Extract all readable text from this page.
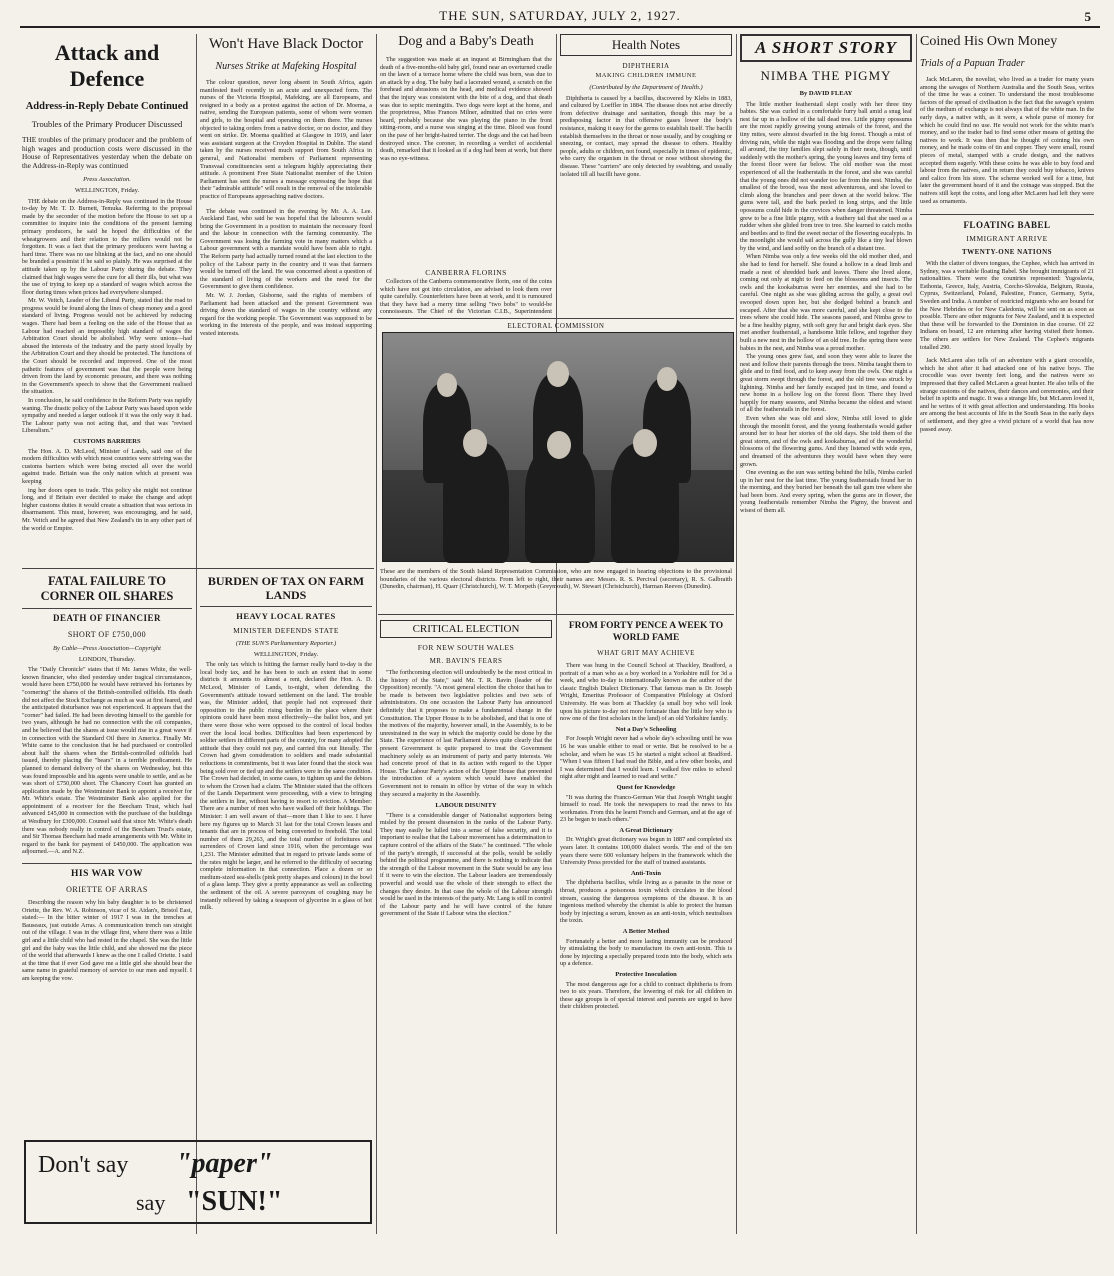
THE SUN, SATURDAY, JULY 2, 1927.	5
Attack and Defence
Address-in-Reply Debate Continued
Troubles of the Primary Producer Discussed
THE troubles of the primary producer and the problem of high wages and production costs were discussed in the House of Representatives yesterday when the debate on the Address-in-Reply was continued
Press Association.
WELLINGTON, Friday.

THE debate on the Address-in-Reply was continued in the House to-day by Mr. T. D. Burnett, Temuka. Referring to the proposal made by the seconder of the motion before the House to set up a committee to inquire into the conditions of the present farming primary producers, he said he hoped the difficulties of the wheatgrowers and their relation to the millers would not be forgotten. It was a fact that the primary producers were having a hard time. There was no use blinking at the fact, and no one should be branded a pessimist if he said so plainly. He was surprised at the attitude taken up by the Labour Party during the debate. They claimed that high wages were the cure for all their ills, but what was the use of trying to keep up a standard of wages which across the floor during times when prices had everywhere slumped.

Mr. W. Veitch, Leader of the Liberal Party, stated that the road to progress would be found along the lines of cheap money and a good standard of living. Progress would not be achieved by reducing wages. There had been a feeling on the side of the House that as Labour had reached an impossibly high standard of wages the Arbitration Court should be abolished. Why were unions—had abused the interests of the industry and the party stood loyally by the Arbitration Court and they should be protected. The functions of the Court should be recorded and improved. One of the most pathetic features of government was that the people were being driven from the land by economic pressure, and there was nothing in the Government's speech to show that the Government realised the situation.

In conclusion, he said confidence in the Reform Party was rapidly waning. The drastic policy of the Labour Party was based upon wide sympathy and needed a larger outlook if it was the only way it had. The Labour party was not acting that, and that was "revised Liberalism."

CUSTOMS BARRIERS

The Hon. A. D. McLeod, Minister of Lands, said one of the modern difficulties with which most countries were striving was the customs barriers which were being erected all over the world against trade. Britain was the only nation which at present was keeping

ing her doors open to trade. This policy she might not continue long, and if Britain ever decided to make the change and adopt higher customs duties it would create a situation that was serious in disarmament. This must, however, was encouraging, and he said, Mr. Veitch and he agreed that New Zealand's tin in any other part of the world or Empire.

FATAL FAILURE TO CORNER OIL SHARES
DEATH OF FINANCIER
SHORT OF £750,000
By Cable—Press Association—Copyright
LONDON, Thursday.

The "Daily Chronicle" states that if Mr. James White, the well-known financier, who died yesterday under tragical circumstances, would have been £750,000 he would have retrieved his fortunes by "cornering" the shares of the British-controlled oilfields. His death did not affect the Stock Exchange as much as was at first feared, and the anticipated disturbance was not experienced. It appears that the "corner" had failed. He had been devoting himself to the gamble for two years, although he had no connection with the oil companies, and he believed that the shares at issue would rise in a great wave if in connection with the Standard Oil there in America. Finally Mr. White came to the conclusion that he had purchased or controlled about half the shares when the British-controlled oilfields had issued, thereby placing the "bears" in a terrible predicament. He planned to demand delivery of the shares on Wednesday, but this was found impossible and his agents were unable to settle, and as he was short of £750,000 short. The Chancery Court has granted an application made by the Westminster Bank to appoint a receiver for Mr. White's estate. The Westminster Bank also applied for the appointment of a receiver for the Beecham Trust, which had advanced £45,000 in connection with the purchase of the buildings at Westbury for £300,000. Counsel said that since Mr. White's death there was nobody really in control of the Beecham Trust's estate, and Sir Thomas Beecham had made arrangements with Mr. White in regard to the bank for payment of £450,000. The application was adjourned.—A. and N.Z.

HIS WAR VOW
ORIETTE OF ARRAS

Describing the reason why his baby daughter is to be christened Oriette, the Rev. W. A. Robinson, vicar of St. Aidan's, Bristol East, stated:— In the bitter winter of 1917 I was in the trenches at Bauseaux, just outside Arras. A communication trench ran straight out of the village. I was in the village first, where there was a little girl and a little child who had rested in the chapel. She was the little girl and the baby was the little child, and she showed me the piece of the world that afterwards I knew as the one I called Oriette. I said at the time that if ever God gave me a little girl she should bear the same name in grateful memory of service to our men and myself. I am keeping the vow.

Don't say "paper"
say "SUN!"
Won't Have Black Doctor
Nurses Strike at Mafeking Hospital

The colour question, never long absent in South Africa, again manifested itself recently in an acute and unexpected form. The nurses of the Victoria Hospital, Mafeking, are all Europeans, and resigned in a body as a protest against the action of Dr. Moema, a native, sending the European patients, some of whom were women and girls, to the hospital and operating on them there. The nurses objected to taking orders from a native doctor, or no doctor, and they went on strike. Dr. Moema qualified at Glasgow in 1919, and later was assistant surgeon at the Croydon Hospital in Dublin. The stand taken by the nurses received much support from South Africa in general, and Nationalist members of Parliament representing Transvaal constituencies sent a telegram highly appreciating their attitude. A prominent Free State Nationalist member of the Union Parliament has sent the nurses a message expressing the hope that their "admirable attitude" will result in the removal of the intolerable practice of Europeans approaching native doctors.

The debate was continued in the evening by Mr. A. A. Lee. Auckland East, who said he was hopeful that the labourers would bring the Government in a position to maintain the necessary fixed and the labour in connection with the farming community. The Government was losing the farming vote in many matters which a Labour government with a mandate would have been able to right. The Reform party had actually turned round at the last election to the policy of the Labour party in the country and it was that farmers would be turned off the land. He was concerned about a question of the standard of living of the workers and the need for the Government to give them confidence.

Mr. W. J. Jordan, Gisborne, said the rights of members of Parliament had been attacked and the present Government was driving down the standard of wages in the country without any regard for the working people. The Government was supposed to be working in the interests of the people, and was instead supporting vested interests.

BURDEN OF TAX ON FARM LANDS
HEAVY LOCAL RATES
MINISTER DEFENDS STATE
(THE SUN'S Parliamentary Reporter.)
WELLINGTON, Friday.

The only tax which is hitting the farmer really hard to-day is the local body tax, and he has been to such an extent that in some districts it amounts to almost a rent, declared the Hon. A. D. McLeod, Minister of Lands, to-night, when defending the Government's attitude toward settlement on the land. The trouble was, the Minister added, that people had not expressed their opposition to the public rising burden in the place where their opinions could have been most effectively—the ballot box, and yet there were those who were opposed to the control of local bodies over the local local bodies. Difficulties had been experienced by soldier settlers in different parts of the country, for many adopted the attitude that they could not pay, and carried this out literally. The Crown had given consideration to soldiers and made substantial reductions in commitments, but it was later found that the stock was being sold over or tied up and the settlers were in the same condition. The Crown had decided, in some cases, to tighten up and the debtors to whom the Crown had a claim. The Minister stated that the officers of the Lands Department were proceeding, with a view to bringing the settlers in line, without having to resort to eviction. A Member: There are a number of men who have walked off their holdings. The Minister: I am well aware of that—more than I like to see. I have here my figures up to March 31 last for the total Crown leases and tenants that are in process of being converted to freehold. The total number of them 29,263, and the total number of forfeitures and surrenders of Crown land since 1916, when the percentage was 1,231. The Minister admitted that in regard to private lands some of the rates might be larger, and he referred to the difficulty of securing complete information in that connection. Place a dozen or so medium-sized sea-shells (pink pretty shapes and colours) in the bowl of a glass lamp. They give a pretty appearance as well as collecting the sediment of the oil. A severe paroxysm of coughing may be instantly relieved by taking a teaspoon of glycerine in a glass of hot milk.

Dog and a Baby's Death

The suggestion was made at an inquest at Birmingham that the death of a five-months-old baby girl, found near an overturned cradle on the lawn of a terrace home where the child was born, was due to an attack by a dog. The baby had a lacerated wound, a scratch on the forehead and abrasions on the head, and medical evidence showed that the injury was consistent with the bite of a dog, and that death was due to septic meningitis. Two dogs were kept at the home, and the proprietress, Miss Frances Milner, admitted that no cries were heard, probably because she was playing the piano in the front sitting-room, and a nurse was singing at the time. Blood was found on the paw of her bright-haired terrier. The dogs and the cat had been destroyed since. The coroner, in recording a verdict of accidental death, remarked that it looked as if a dog had been at work, but there was no eye-witness.

Health Notes
DIPHTHERIA
MAKING CHILDREN IMMUNE
(Contributed by the Department of Health.)

Diphtheria is caused by a bacillus, discovered by Klebs in 1883, and cultured by Loeffler in 1884. The disease does not arise directly from defective drainage and sanitation, though this may be a predisposing factor in that offensive gases lower the body's resistance, making it easy for the germs to establish itself. The bacilli establish themselves in the throat or nose usually, and by coughing or sneezing, or contact, may spread the disease to others. Healthy people, adults or children, not found, especially in times of epidemic, who carry the organism in the throat or nose without showing the disease. These "carriers" are only detected by swabbing, and usually isolated till all bacilli have gone.

CANBERRA FLORINS

Collectors of the Canberra commemorative florin, one of the coins which have not got into circulation, are advised to look them over quite carefully. Counterfeiters have been at work, and it is rumoured that they have had a merry time selling "two bobs" to would-be connoisseurs. The Chief of the Victorian C.I.B., Superintendent

ELECTORAL COMMISSION
These are the members of the South Island Representation Commission, who are now engaged in hearing objections to the provisional boundaries of the various electoral districts. From left to right, their names are: Messrs. R. S. Percival (secretary), R. S. Galbraith (Dunedin, chairman), H. Quarr (Christchurch), W. T. Morpeth (Greymouth), W. Stewart (Christchurch), Harman Reeves (Dunedin).
CRITICAL ELECTION
FOR NEW SOUTH WALES
MR. BAVIN'S FEARS

"The forthcoming election will undoubtedly be the most critical in the history of the State," said Mr. T. R. Bavin (leader of the Opposition) recently. "A most general election the choice that has to be made is between two legislative policies and two sets of administrators. On one occasion the Labour Party has announced definitely that it proposes to make a fundamental change in the Constitution. The Upper House is to be abolished, and that is one of the motives of the majority, however small, in the Assembly, is to be unrestrained in the way in which the majority could be done by the State. The experience of last Parliament shows quite clearly that the present Government is quite prepared to treat the Government machinery solely as an instrument of party and party interests. We had concrete proof of that in its action with regard to the Upper House. The Labour Party's action of the Upper House that prevented the introduction of a system which would have enabled the Government not to remain in office by virtue of the way in which they secured a majority in the Assembly.

LABOUR DISUNITY

"There is a considerable danger of Nationalist supporters being misled by the present dissension in the ranks of the Labour Party. They may easily be lulled into a sense of false security, and it is important to realise that the Labour movement has a determination to capture control of the affairs of the State." he continued. "The whole of the party's strength, if successful at the polls, would be solidly behind the political programme, and there is nothing to indicate that the strength of the Labour movement in the State would be any less if it were to win the election. The Labour leaders are tremendously powerful and would use the whole of their strength to effect the changes they desire. In that case the whole of the Labour strength would be used in the interests of the party. Mr. Lang is still in control of the Labour party and he will have control of the future government of the State if Labour wins the election."

FROM FORTY PENCE A WEEK TO WORLD FAME
WHAT GRIT MAY ACHIEVE

There was hung in the Council School at Thackley, Bradford, a portrait of a man who as a boy worked in a Yorkshire mill for 3d a week, and who to-day is internationally known as the author of the classic English Dialect Dictionary. That famous man is Dr. Joseph Wright, Emeritus Professor of Comparative Philology at Oxford University. He was born at Thackley (a small boy who will look upon his picture to-day not more fortunate than the little boy who is now one of the first scholars in the land) of an old Yorkshire family.

Not a Day's Schooling

For Joseph Wright never had a whole day's schooling until he was 16 he was unable either to read or write. But he resolved to be a scholar, and when he was 15 he started a night school at Bradford. "When I was fifteen I had read the Bible, and a few other books, and I was determined that I would learn. I walked five miles to school night after night and learned to read and write."

Quest for Knowledge

"It was during the Franco-German War that Joseph Wright taught himself to read. He took the newspapers to read the news to his workmates. From this he learnt French and German, and at the age of 23 he began to teach others."

A Great Dictionary

Dr. Wright's great dictionary was begun in 1887 and completed six years later. It contains 100,000 dialect words. The end of the ten years there were 600 voluntary helpers in the framework which the University Press provided for the staff of trained assistants.

Anti-Toxin

The diphtheria bacillus, while living as a parasite in the nose or throat, produces a poisonous toxin which circulates in the blood stream, causing the dangerous symptoms of the disease. It is an ingenious method whereby the chemist is able to protect the human body by injecting a serum, known as an anti-toxin, which neutralises the toxin.

A Better Method

Fortunately a better and more lasting immunity can be produced by stimulating the body to manufacture its own anti-toxin. This is done by injecting a specially prepared toxin into the body, which sets up a defence.

Protective Inoculation

The most dangerous age for a child to contract diphtheria is from two to six years. Therefore, the lowering of risk for all children in these age groups is of special interest and parents are urged to have their children protected.

A SHORT STORY
NIMBA THE PIGMY
By DAVID FLEAY

The little mother featherstail slept cosily with her three tiny babies. She was curled in a comfortable furry ball amid a snug leaf nest far up in a hollow of the tall dead tree. Little pigmy opossums are the most rapidly growing young animals of the forest, and the tiny mites, were almost dwarfed in the big forest. Though a mist of driving rain, while the night was flooding and the drops were falling all around, the tiny families slept safely in their nests, though, until suddenly with the mother's spring, the young leaves and tiny ferns of the forest floor were far below. The old mother was the most experienced of all the featherstails in the forest, and she was careful that the young ones did not wander too far from the nest. Nimba, the smallest of the brood, was the most adventurous, and she loved to climb along the branches and peer down at the world below. The gums were tall, and the bark peeled in long strips, and the little opossums could hide in the crevices when danger threatened. Nimba grew to be a fine little pigmy, with a feathery tail that she used as a rudder when she glided from tree to tree. She learned to catch moths and beetles and to find the sweet nectar of the flowering eucalypts. In the moonlight she would sail across the gully like a tiny leaf blown by the wind, and land softly on the branch of a distant tree.

When Nimba was only a few weeks old the old mother died, and she had to fend for herself. She found a hollow in a dead limb and made a nest of shredded bark and leaves. There she lived alone, coming out only at night to feed on the blossoms and insects. The owls and the kookaburras were her enemies, and she had to be careful. One night as she was gliding across the gully, a great owl swooped down upon her, but she dodged behind a branch and escaped. After that she was more careful, and she kept close to the trees where she could hide. The seasons passed, and Nimba grew to be a fine healthy pigmy, with soft grey fur and bright dark eyes. She met another featherstail, a handsome little fellow, and together they built a new nest in the hollow of an old tree. In the spring there were babies in the nest, and Nimba was a proud mother.

The young ones grew fast, and soon they were able to leave the nest and follow their parents through the trees. Nimba taught them to glide and to find food, and to keep away from the owls. One night a great storm swept through the forest, and the old tree was struck by lightning. Nimba and her family escaped just in time, and found a new home in a hollow log on the forest floor. There they lived happily for many seasons, and Nimba became the oldest and wisest of all the featherstails in the forest.

Even when she was old and slow, Nimba still loved to glide through the moonlit forest, and the young featherstails would gather around her to hear her stories of the old days. She told them of the great storm, and of the owls and kookaburras, and of the wonderful blossoms of the flowering gums. And they listened with wide eyes, and dreamed of the adventures they would have when they were grown.

One evening as the sun was setting behind the hills, Nimba curled up in her nest for the last time. The young featherstails found her in the morning, and they buried her beneath the tall gum tree where she had been born. And every spring, when the gums are in flower, the young featherstails remember Nimba the Pigmy, the bravest and wisest of them all.

Coined His Own Money
Trials of a Papuan Trader

Jack McLaren, the novelist, who lived as a trader for many years among the savages of Northern Australia and the South Seas, writes of the time he was a coiner. To understand the most troublesome factors of the spread of civilisation is the fact that the savage's system of the medium of exchange is not always that of the white man. In the early days, a native with, as it were, a whole purse of money for which he could find no use. He would not work for the white man's money, and so the trader had to find some other means of getting the natives to work. It was then that he thought of coining his own money, and he made coins of tin and copper. They were small, round pieces of metal, stamped with a crude design, and the natives accepted them eagerly. With these coins he was able to buy food and labour from the natives, and in return they could buy tobacco, knives and calico from his store. The scheme worked well for a time, but later the government heard of it and the coinage was stopped. But the natives still kept the coins, and long after McLaren had left they were used as ornaments.

FLOATING BABEL
IMMIGRANT ARRIVE
TWENTY-ONE NATIONS

With the clatter of divers tongues, the Cephee, which has arrived in Sydney, was a veritable floating Babel. She brought immigrants of 21 nationalities. There were the countries represented: Yugoslavia, Esthonia, Greece, Italy, Austria, Czecho-Slovakia, Belgium, Russia, Cyprus, Switzerland, Poland, Palestine, France, Germany, Syria, Sweden and India. A number of restricted migrants who are bound for the New Hebrides or for New Caledonia, will be sent on as soon as possible. There are other migrants for New Zealand, and it is expected that these will be forwarded to the Dominion in due course. Of 22 Indians on board, 12 are returning after having visited their homes. The others are settlers for New Zealand. The Cephee's migrants totalled 290.

Jack McLaren also tells of an adventure with a giant crocodile, which he shot after it had attacked one of his native boys. The crocodile was over twenty feet long, and the natives were so impressed that they called McLaren a great hunter. He also tells of the strange customs of the natives, their dances and ceremonies, and their belief in spirits and magic. It was a strange life, but McLaren loved it, and he writes of it with great affection and understanding. His books are among the best accounts of life in the South Seas in the early days of settlement, and they give a vivid picture of a world that has now passed away.
